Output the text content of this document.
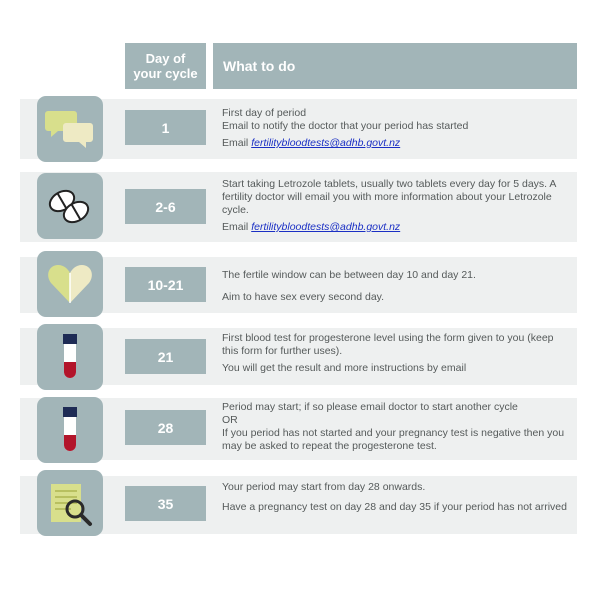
Day of
your cycle	What to do
1

First day of period

Email to notify the doctor that your period has started

Email fertilitybloodtests@adhb.govt.nz

2-6

Start taking Letrozole tablets, usually two tablets every day for 5 days. A fertility doctor will email you with more information about your Letrozole cycle.

Email fertilitybloodtests@adhb.govt.nz

10-21

The fertile window can be between day 10 and day 21.

Aim to have sex every second day.

21

First blood test for progesterone level using the form given to you (keep this form for further uses).

You will get the result and more instructions by email

28

Period may start; if so please email doctor to start another cycle

OR

If you period has not started and your pregnancy test is negative then you may be asked to repeat the progesterone test.

35

Your period may start from day 28 onwards.

Have a pregnancy test on day 28 and day 35 if your period has not arrived
